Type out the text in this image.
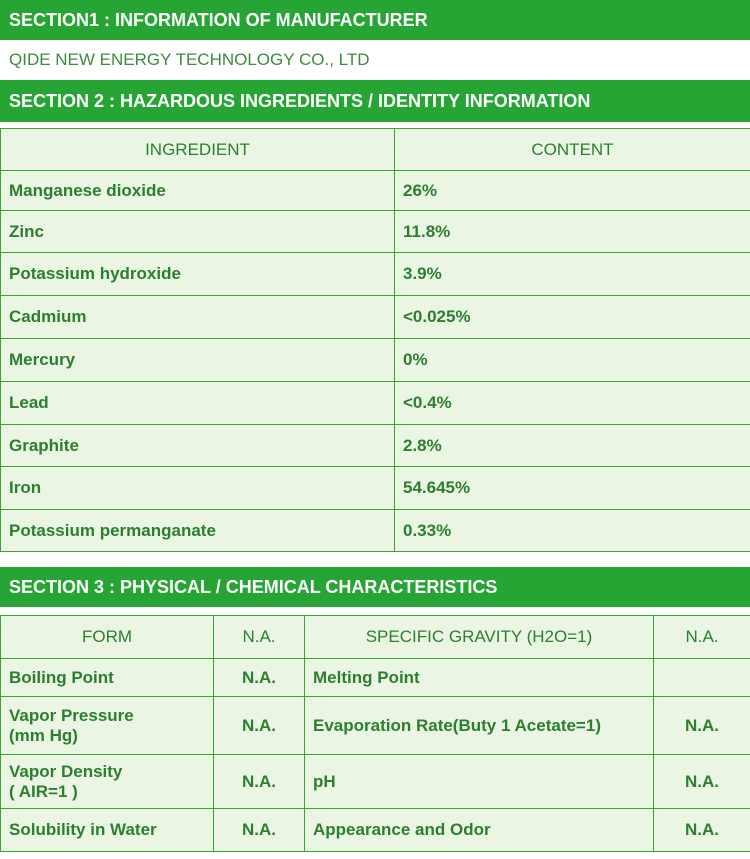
SECTION1 : INFORMATION OF MANUFACTURER
QIDE NEW ENERGY TECHNOLOGY CO., LTD
SECTION 2 : HAZARDOUS INGREDIENTS / IDENTITY INFORMATION
INGREDIENT	CONTENT
Manganese dioxide	26%
Zinc	11.8%
Potassium hydroxide	3.9%
Cadmium	<0.025%
Mercury	0%
Lead	<0.4%
Graphite	2.8%
Iron	54.645%
Potassium permanganate	0.33%
SECTION 3 : PHYSICAL / CHEMICAL CHARACTERISTICS
FORM	N.A.	SPECIFIC GRAVITY (H2O=1)	N.A.
Boiling Point	N.A.	Melting Point	

Vapor Pressure
(mm Hg)	N.A.	Evaporation Rate(Buty 1 Acetate=1)	N.A.

Vapor Density
( AIR=1 )	N.A.	pH	N.A.
Solubility in Water	N.A.	Appearance and Odor	N.A.
